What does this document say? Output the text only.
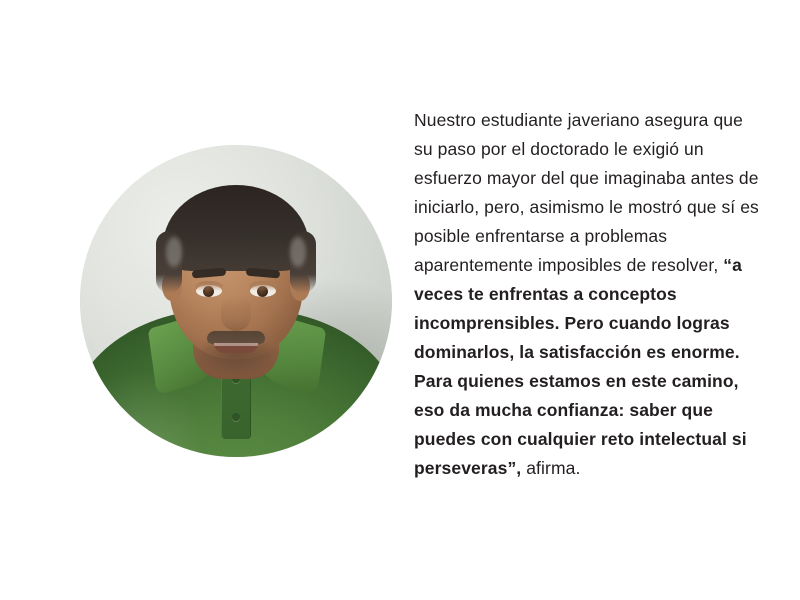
Nuestro estudiante javeriano asegura que su paso por el doctorado le exigió un esfuerzo mayor del que imaginaba antes de iniciarlo, pero, asimismo le mostró que sí es posible enfrentarse a problemas aparentemente imposibles de resolver, “a veces te enfrentas a conceptos incomprensibles. Pero cuando logras dominarlos, la satisfacción es enorme. Para quienes estamos en este camino, eso da mucha confianza: saber que puedes con cualquier reto intelectual si perseveras”, afirma.
